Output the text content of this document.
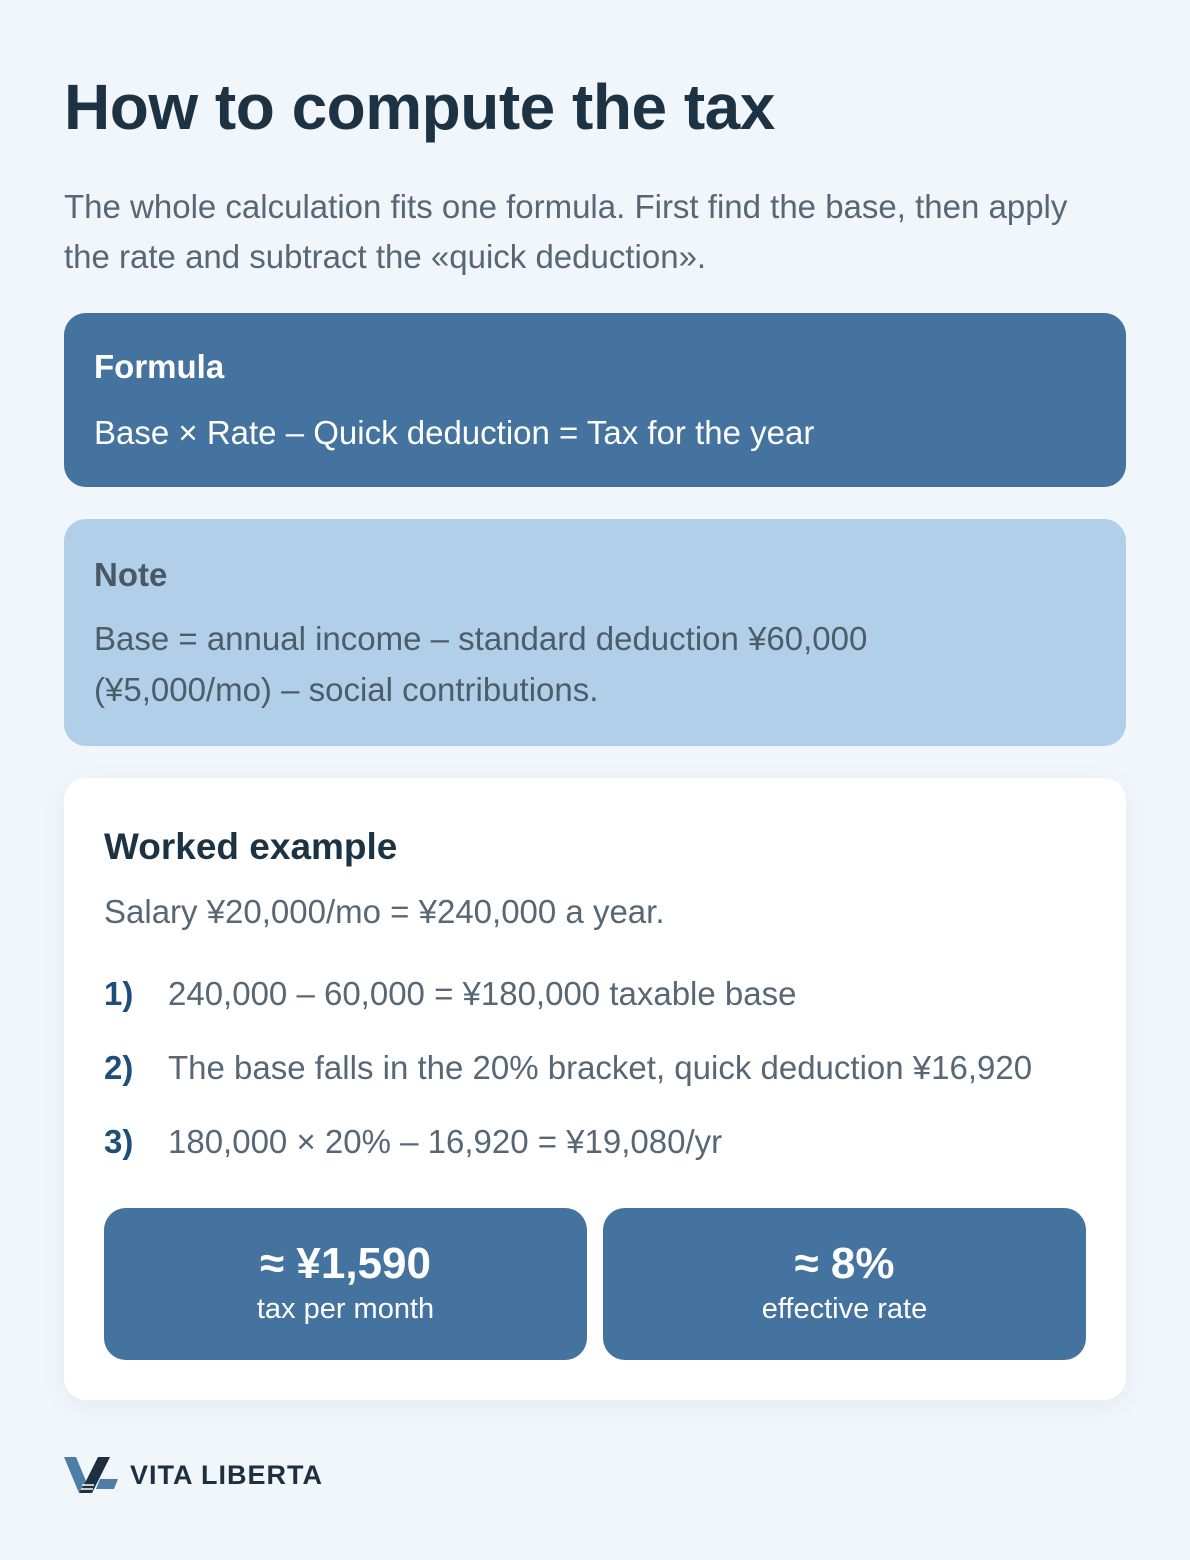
How to compute the tax

The whole calculation fits one formula. First find the base, then apply the rate and subtract the «quick deduction».

Formula
Base × Rate – Quick deduction = Tax for the year
Note
Base = annual income – standard deduction ¥60,000 (¥5,000/mo) – social contributions.
Worked example
Salary ¥20,000/mo = ¥240,000 a year.
1)	240,000 – 60,000 = ¥180,000 taxable base
2)	The base falls in the 20% bracket, quick deduction ¥16,920
3)	180,000 × 20% – 16,920 = ¥19,080/yr
≈ ¥1,590
tax per month
≈ 8%
effective rate
VITA LIBERTA
